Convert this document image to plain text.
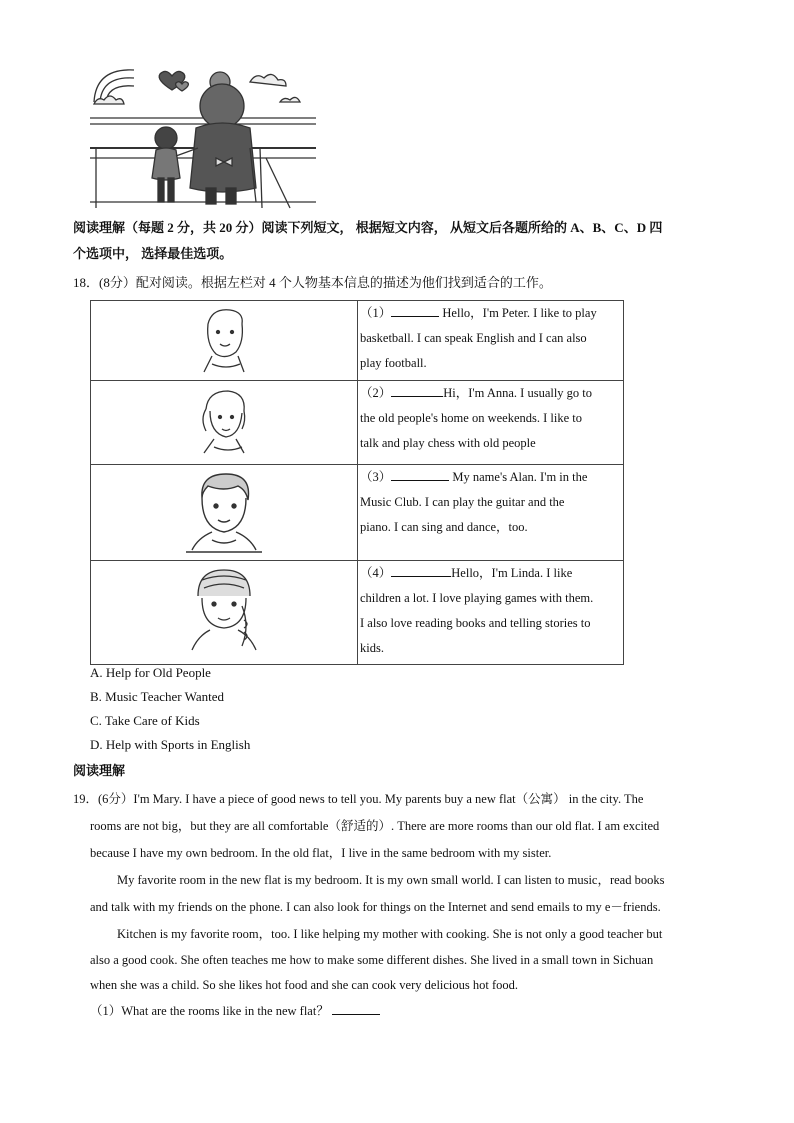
阅读理解（每题 2 分，共 20 分）阅读下列短文， 根据短文内容， 从短文后各题所给的 A、B、C、D 四
个选项中， 选择最佳选项。
18．(8分）配对阅读。根据左栏对 4 个人物基本信息的描述为他们找到适合的工作。

（1） Hello，I'm Peter. I like to play
basketball. I can speak English and I can also
play football.

（2） Hi，I'm Anna. I usually go to
the old people's home on weekends. I like to
talk and play chess with old people

（3） My name's Alan. I'm in the
Music Club. I can play the guitar and the
piano. I can sing and dance，too.

（4） Hello，I'm Linda. I like
children a lot. I love playing games with them.
I also love reading books and telling stories to
kids.
A. Help for Old People
B. Music Teacher Wanted
C. Take Care of Kids
D. Help with Sports in English
阅读理解
19．(6分）I'm Mary. I have a piece of good news to tell you. My parents buy a new flat（公寓） in the city. The
rooms are not big，but they are all comfortable（舒适的）. There are more rooms than our old flat. I am excited
because I have my own bedroom. In the old flat，I live in the same bedroom with my sister.
My favorite room in the new flat is my bedroom. It is my own small world. I can listen to music，read books
and talk with my friends on the phone. I can also look for things on the Internet and send emails to my e－friends.
Kitchen is my favorite room，too. I like helping my mother with cooking. She is not only a good teacher but
also a good cook. She often teaches me how to make some different dishes. She lived in a small town in Sichuan
when she was a child. So she likes hot food and she can cook very delicious hot food.
（1）What are the rooms like in the new flat？
